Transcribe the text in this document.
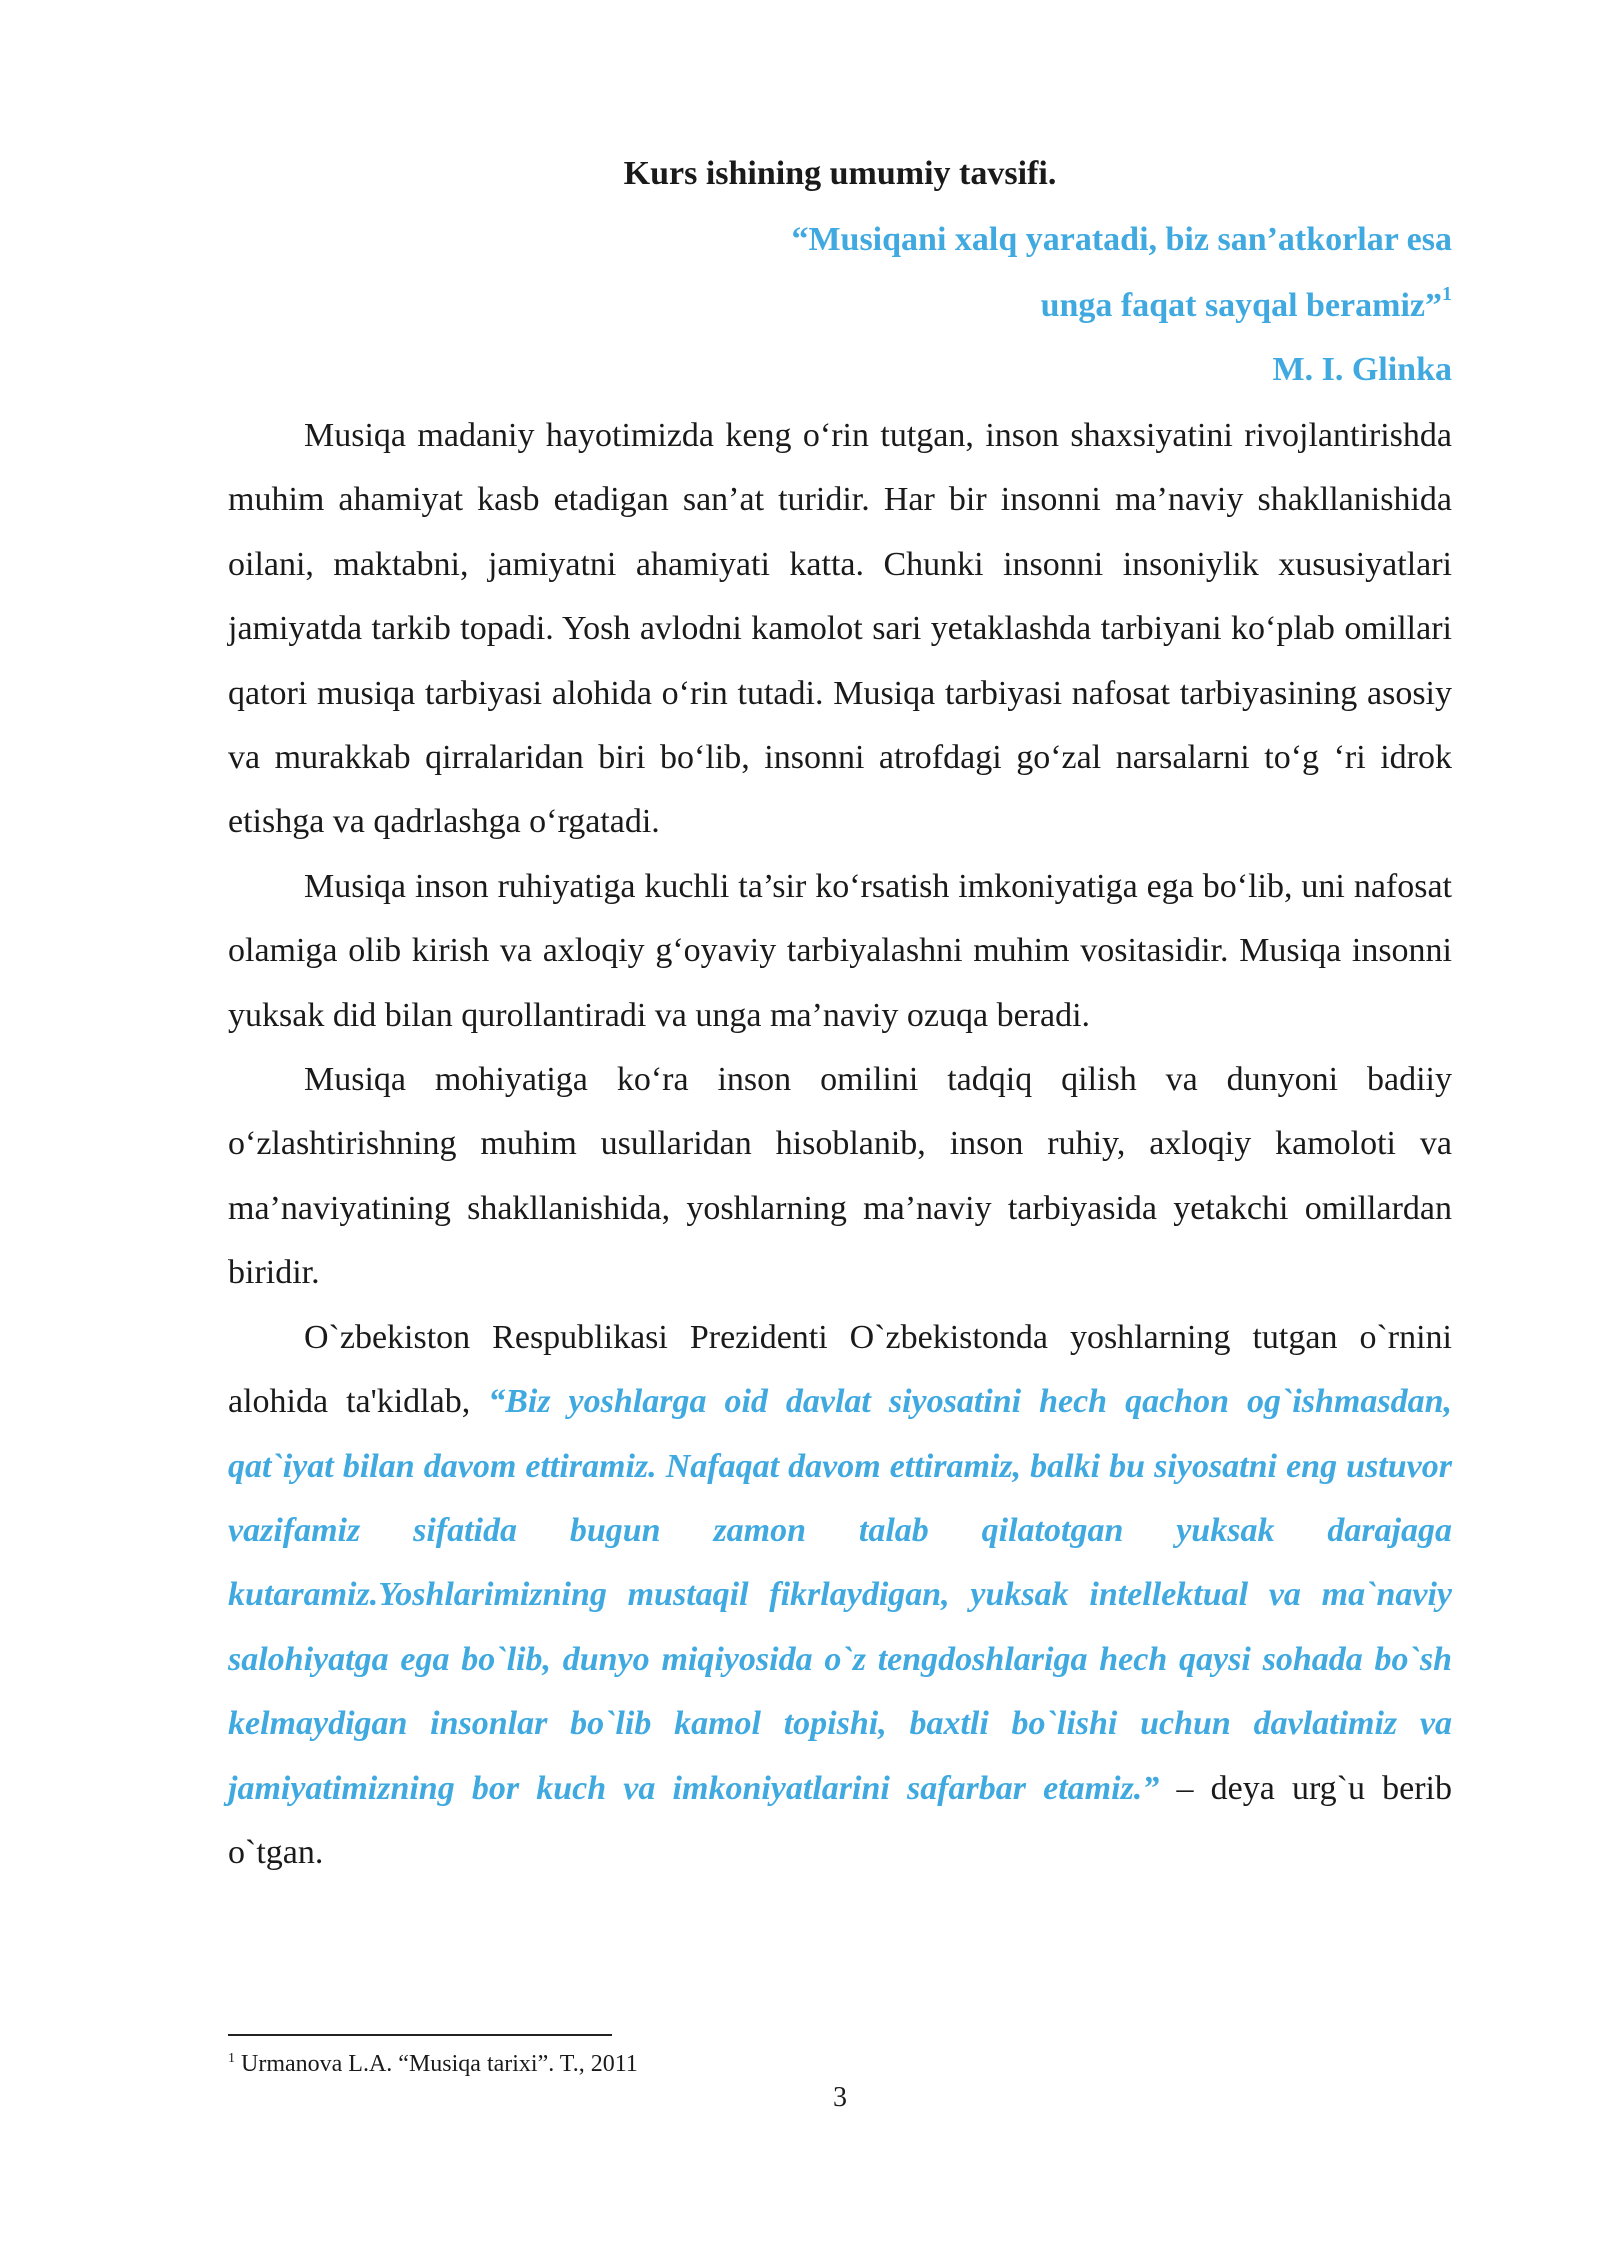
Kurs ishining umumiy tavsifi.
“Musiqani xalq yaratadi, biz san’atkorlar esa
unga faqat sayqal beramiz”$^1$
M. I. Glinka

Musiqa madaniy hayotimizda keng o‘rin tutgan, inson shaxsiyatini rivojlantirishda muhim ahamiyat kasb etadigan san’at turidir. Har bir insonni ma’naviy shakllanishida oilani, maktabni, jamiyatni ahamiyati katta. Chunki insonni insoniylik xususiyatlari jamiyatda tarkib topadi. Yosh avlodni kamolot sari yetaklashda tarbiyani ko‘plab omillari qatori musiqa tarbiyasi alohida o‘rin tutadi. Musiqa tarbiyasi nafosat tarbiyasining asosiy va murakkab qirralaridan biri bo‘lib, insonni atrofdagi go‘zal narsalarni to‘g ‘ri idrok etishga va qadrlashga o‘rgatadi.

Musiqa inson ruhiyatiga kuchli ta’sir ko‘rsatish imkoniyatiga ega bo‘lib, uni nafosat olamiga olib kirish va axloqiy g‘oyaviy tarbiyalashni muhim vositasidir. Musiqa insonni yuksak did bilan qurollantiradi va unga ma’naviy ozuqa beradi.

Musiqa mohiyatiga ko‘ra inson omilini tadqiq qilish va dunyoni badiiy o‘zlashtirishning muhim usullaridan hisoblanib, inson ruhiy, axloqiy kamoloti va ma’naviyatining shakllanishida, yoshlarning ma’naviy tarbiyasida yetakchi omillardan biridir.

O`zbekiston Respublikasi Prezidenti O`zbekistonda yoshlarning tutgan o`rnini alohida ta'kidlab, “Biz yoshlarga oid davlat siyosatini hech qachon og`ishmasdan, qat`iyat bilan davom ettiramiz. Nafaqat davom ettiramiz, balki bu siyosatni eng ustuvor vazifamiz sifatida bugun zamon talab qilatotgan yuksak darajaga kutaramiz.Yoshlarimizning mustaqil fikrlaydigan, yuksak intellektual va ma`naviy salohiyatga ega bo`lib, dunyo miqiyosida o`z tengdoshlariga hech qaysi sohada bo`sh kelmaydigan insonlar bo`lib kamol topishi, baxtli bo`lishi uchun davlatimiz va jamiyatimizning bor kuch va imkoniyatlarini safarbar etamiz.” – deya urg`u berib o`tgan.

$^1$ Urmanova L.A. “Musiqa tarixi”. T., 2011
3
